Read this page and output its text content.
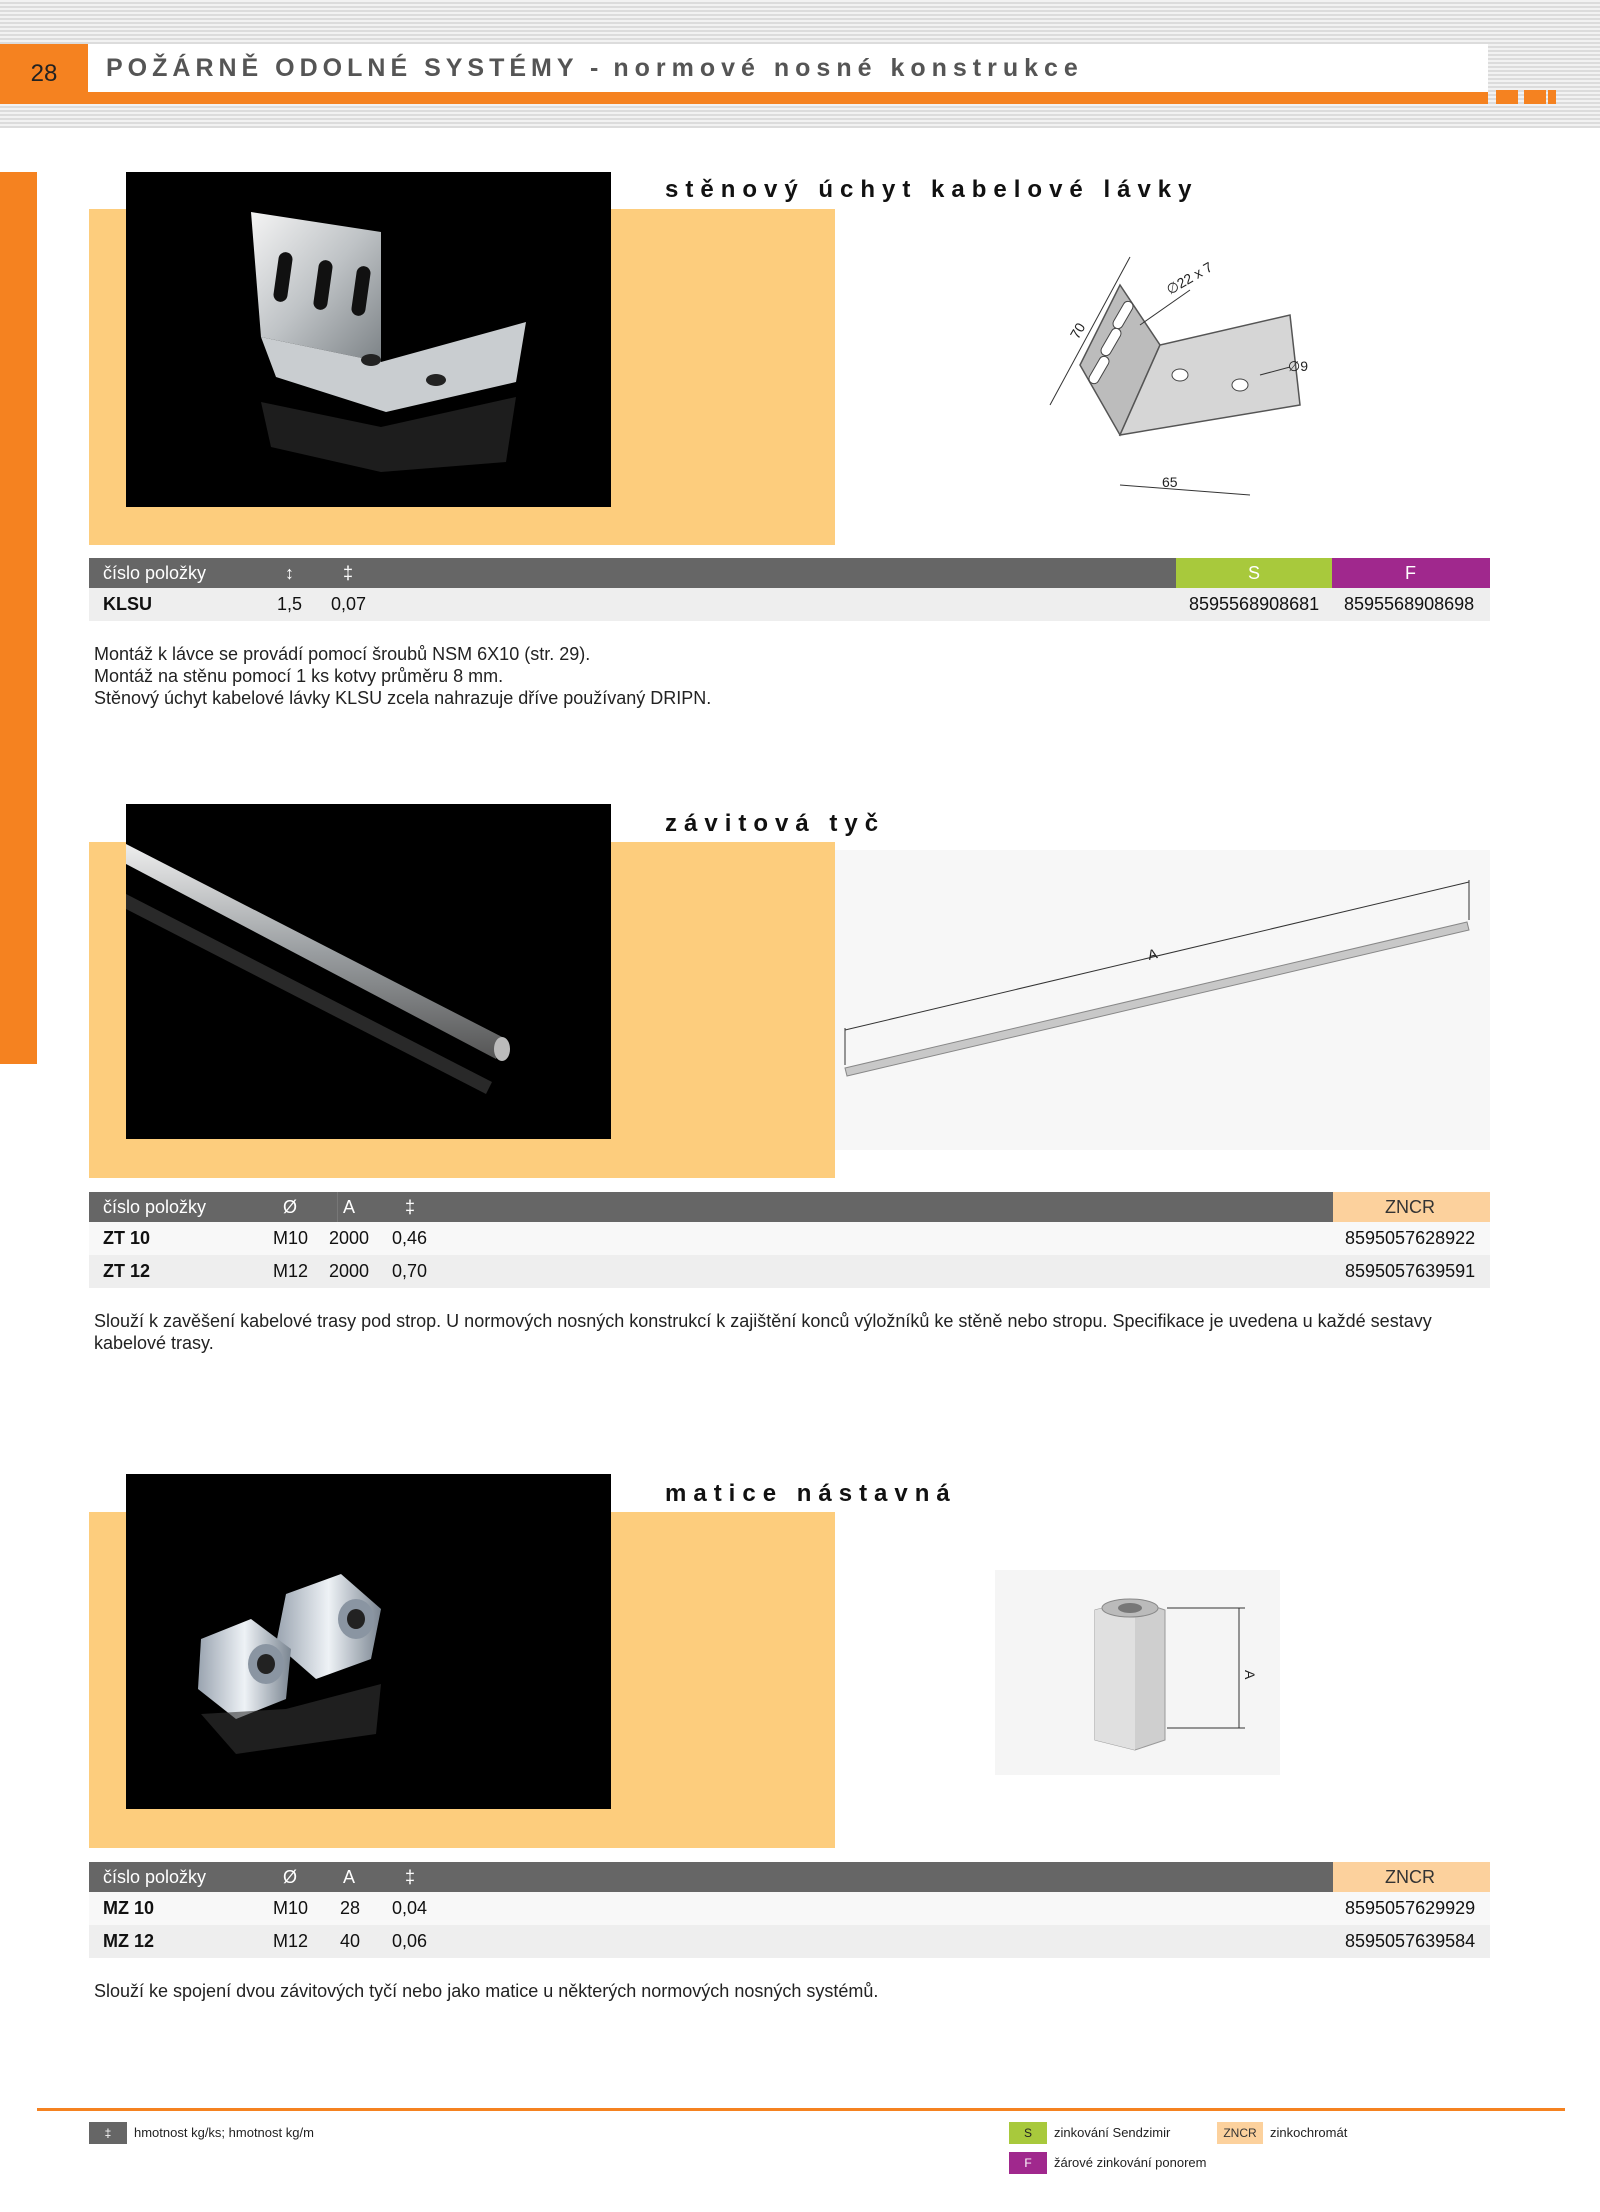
28	POŽÁRNĚ ODOLNÉ SYSTÉMY - normové nosné konstrukce
stěnový úchyt kabelové lávky
70
65
∅22 x 7
∅9
číslo položky	↕	‡	S	F
KLSU	1,5 0,07	8595568908681 8595568908698
Montáž k lávce se provádí pomocí šroubů NSM 6X10 (str. 29).
Montáž na stěnu pomocí 1 ks kotvy průměru 8 mm.
Stěnový úchyt kabelové lávky KLSU zcela nahrazuje dříve používaný DRIPN.
závitová tyč
A
číslo položky	Ø	A	‡	ZNCR
ZT 10	M10 2000 0,46	8595057628922
ZT 12	M12 2000 0,70	8595057639591
Slouží k zavěšení kabelové trasy pod strop. U normových nosných konstrukcí k zajištění konců výložníků ke stěně nebo stropu. Specifikace je uvedena u každé sestavy kabelové trasy.
matice nástavná
A
číslo položky	Ø	A	‡	ZNCR
MZ 10	M10 28 0,04	8595057629929
MZ 12	M12 40 0,06	8595057639584
Slouží ke spojení dvou závitových tyčí nebo jako matice u některých normových nosných systémů.
‡	hmotnost kg/ks; hmotnost kg/m	S	zinkování Sendzimir
F	žárové zinkování ponorem
ZNCR	zinkochromát
